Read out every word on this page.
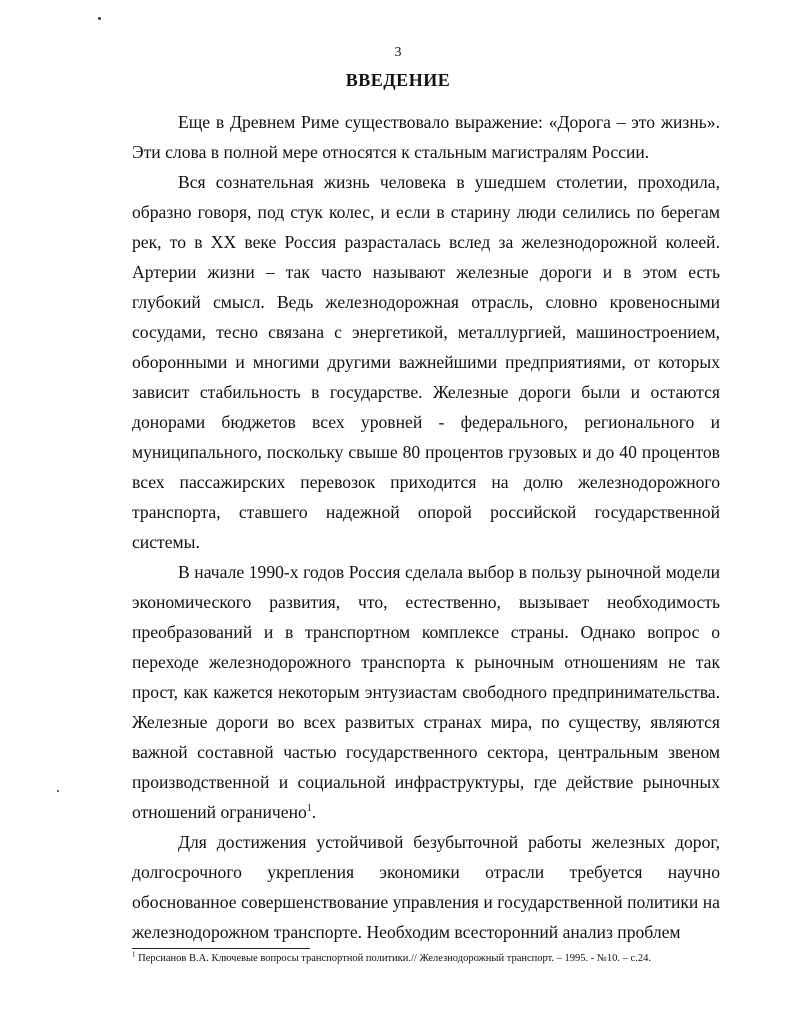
3
ВВЕДЕНИЕ

Еще в Древнем Риме существовало выражение: «Дорога – это жизнь». Эти слова в полной мере относятся к стальным магистралям России.

Вся сознательная жизнь человека в ушедшем столетии, проходила, образно говоря, под стук колес, и если в старину люди селились по берегам рек, то в XX веке Россия разрасталась вслед за железнодорожной колеей. Артерии жизни – так часто называют железные дороги и в этом есть глубокий смысл. Ведь железнодорожная отрасль, словно кровеносными сосудами, тесно связана с энергетикой, металлургией, машиностроением, оборонными и многими другими важнейшими предприятиями, от которых зависит стабильность в государстве. Железные дороги были и остаются донорами бюджетов всех уровней - федерального, регионального и муниципального, поскольку свыше 80 процентов грузовых и до 40 процентов всех пассажирских перевозок приходится на долю железнодорожного транспорта, ставшего надежной опорой российской государственной системы.

В начале 1990-х годов Россия сделала выбор в пользу рыночной модели экономического развития, что, естественно, вызывает необходимость преобразований и в транспортном комплексе страны. Однако вопрос о переходе железнодорожного транспорта к рыночным отношениям не так прост, как кажется некоторым энтузиастам свободного предпринимательства. Железные дороги во всех развитых странах мира, по существу, являются важной составной частью государственного сектора, центральным звеном производственной и социальной инфраструктуры, где действие рыночных отношений ограничено$^1$.

Для достижения устойчивой безубыточной работы железных дорог, долгосрочного укрепления экономики отрасли требуется научно обоснованное совершенствование управления и государственной политики на железнодорожном транспорте. Необходим всесторонний анализ проблем

$^1$ Персианов В.А. Ключевые вопросы транспортной политики.// Железнодорожный транспорт. – 1995. - №10. – с.24.
